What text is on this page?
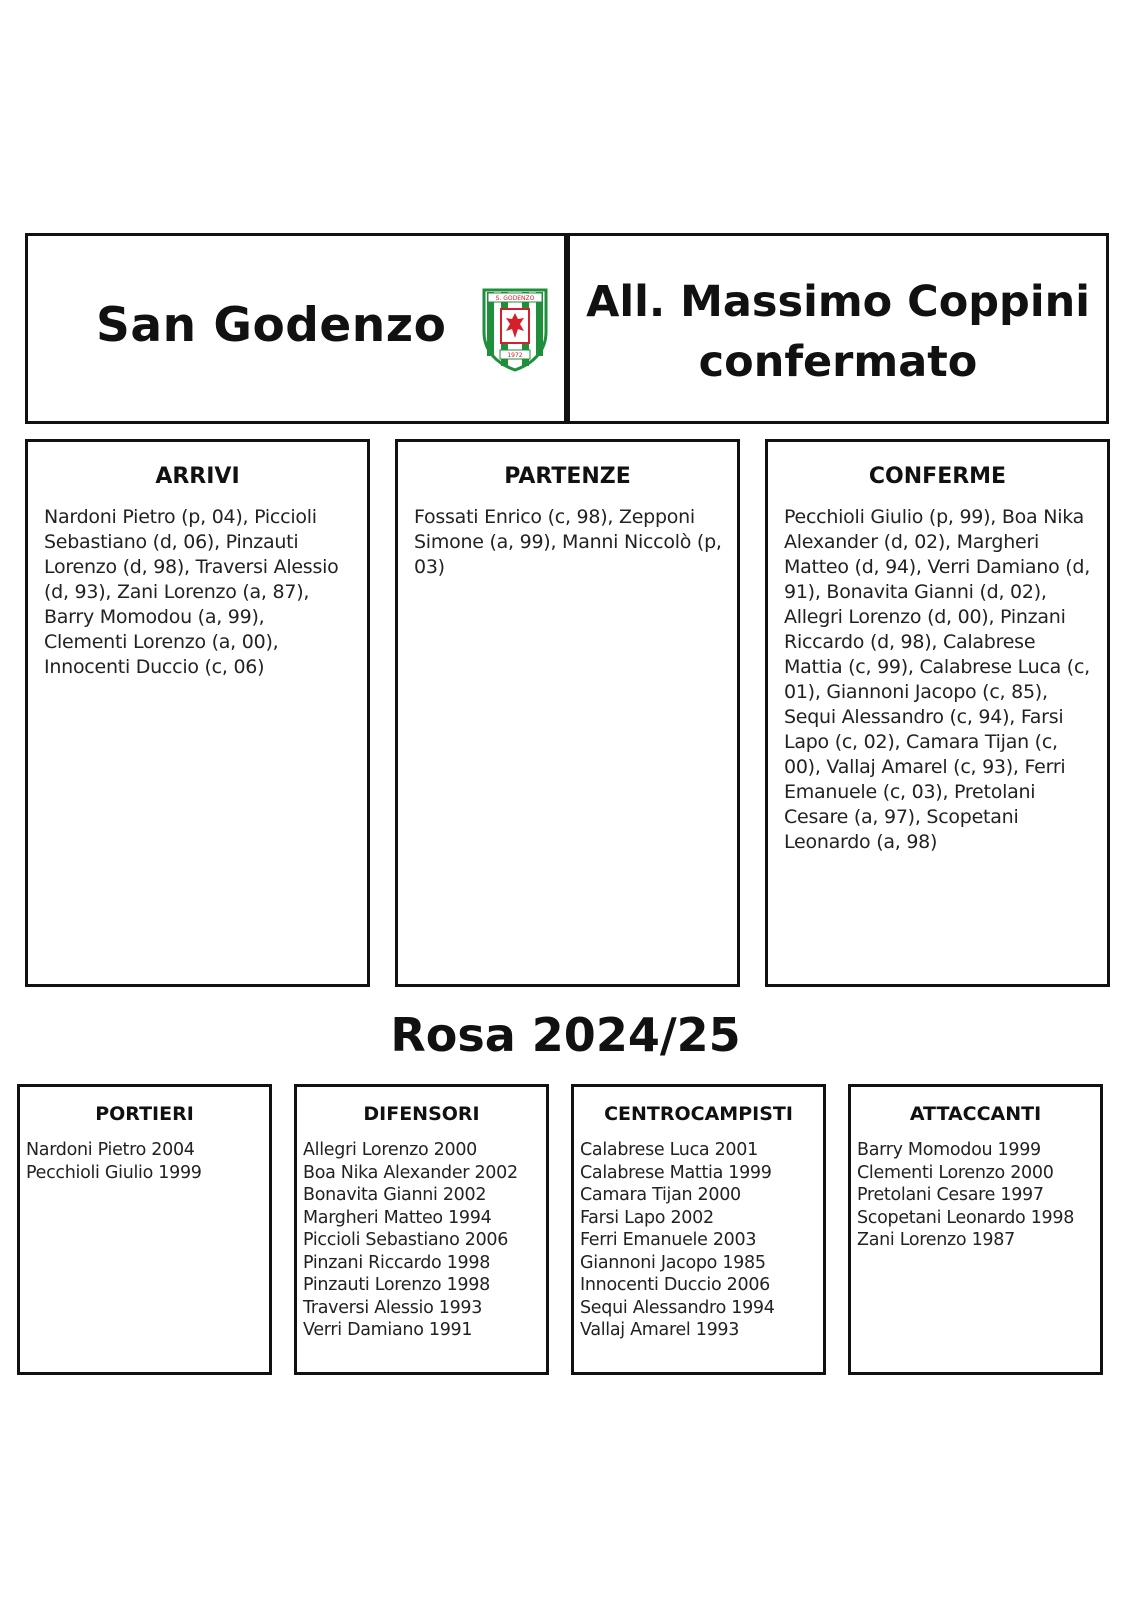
San Godenzo	S. GODENZO
1972
All. Massimo Coppini
confermato
ARRIVI
Nardoni Pietro (p, 04), Piccioli Sebastiano (d, 06), Pinzauti Lorenzo (d, 98), Traversi Alessio (d, 93), Zani Lorenzo (a, 87), Barry Momodou (a, 99), Clementi Lorenzo (a, 00), Innocenti Duccio (c, 06)
PARTENZE
Fossati Enrico (c, 98), Zepponi Simone (a, 99), Manni Niccolò (p, 03)
CONFERME
Pecchioli Giulio (p, 99), Boa Nika Alexander (d, 02), Margheri Matteo (d, 94), Verri Damiano (d, 91), Bonavita Gianni (d, 02), Allegri Lorenzo (d, 00), Pinzani Riccardo (d, 98), Calabrese Mattia (c, 99), Calabrese Luca (c, 01), Giannoni Jacopo (c, 85), Sequi Alessandro (c, 94), Farsi Lapo (c, 02), Camara Tijan (c, 00), Vallaj Amarel (c, 93), Ferri Emanuele (c, 03), Pretolani Cesare (a, 97), Scopetani Leonardo (a, 98)
Rosa 2024/25
PORTIERI
Nardoni Pietro 2004
Pecchioli Giulio 1999
DIFENSORI
Allegri Lorenzo 2000
Boa Nika Alexander 2002
Bonavita Gianni 2002
Margheri Matteo 1994
Piccioli Sebastiano 2006
Pinzani Riccardo 1998
Pinzauti Lorenzo 1998
Traversi Alessio 1993
Verri Damiano 1991
CENTROCAMPISTI
Calabrese Luca 2001
Calabrese Mattia 1999
Camara Tijan 2000
Farsi Lapo 2002
Ferri Emanuele 2003
Giannoni Jacopo 1985
Innocenti Duccio 2006
Sequi Alessandro 1994
Vallaj Amarel 1993
ATTACCANTI
Barry Momodou 1999
Clementi Lorenzo 2000
Pretolani Cesare 1997
Scopetani Leonardo 1998
Zani Lorenzo 1987
